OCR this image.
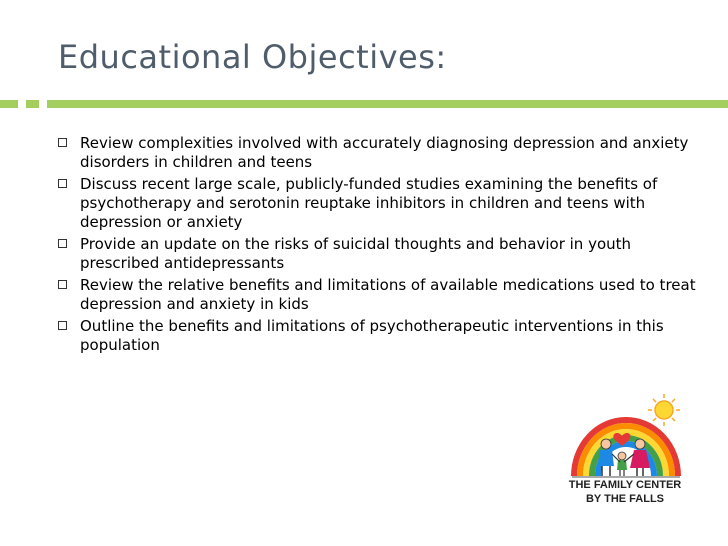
Educational Objectives:
Review complexities involved with accurately diagnosing depression and anxiety disorders in children and teens
Discuss recent large scale, publicly-funded studies examining the benefits of psychotherapy and serotonin reuptake inhibitors in children and teens with depression or anxiety
Provide an update on the risks of suicidal thoughts and behavior in youth prescribed antidepressants
Review the relative benefits and limitations of available medications used to treat depression and anxiety in kids
Outline the benefits and limitations of psychotherapeutic interventions in this population
THE FAMILY CENTER
BY THE FALLS
